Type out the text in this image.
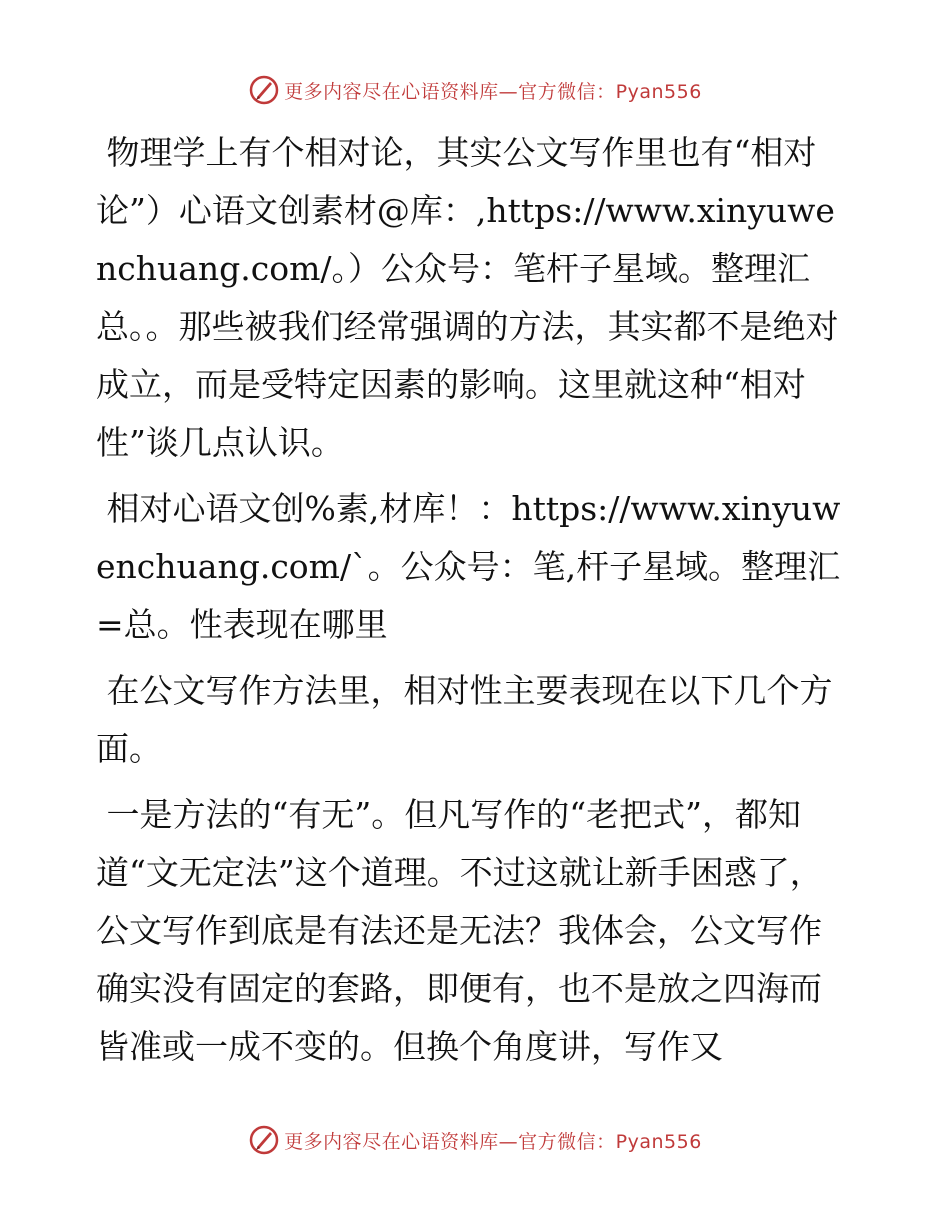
更多内容尽在心语资料库—官方微信：Pyan556

物理学上有个相对论，其实公文写作里也有“相对论”）心语文创素材@库：,https://www.xinyuwenchuang.com/。）公众号：笔杆子星域。整理汇总。。那些被我们经常强调的方法，其实都不是绝对成立，而是受特定因素的影响。这里就这种“相对性”谈几点认识。

相对心语文创%素,材库！：https://www.xinyuwenchuang.com/`。公众号：笔,杆子星域。整理汇=总。性表现在哪里

在公文写作方法里，相对性主要表现在以下几个方面。

一是方法的“有无”。但凡写作的“老把式”，都知道“文无定法”这个道理。不过这就让新手困惑了，公文写作到底是有法还是无法？我体会，公文写作确实没有固定的套路，即便有，也不是放之四海而皆准或一成不变的。但换个角度讲，写作又

更多内容尽在心语资料库—官方微信：Pyan556
